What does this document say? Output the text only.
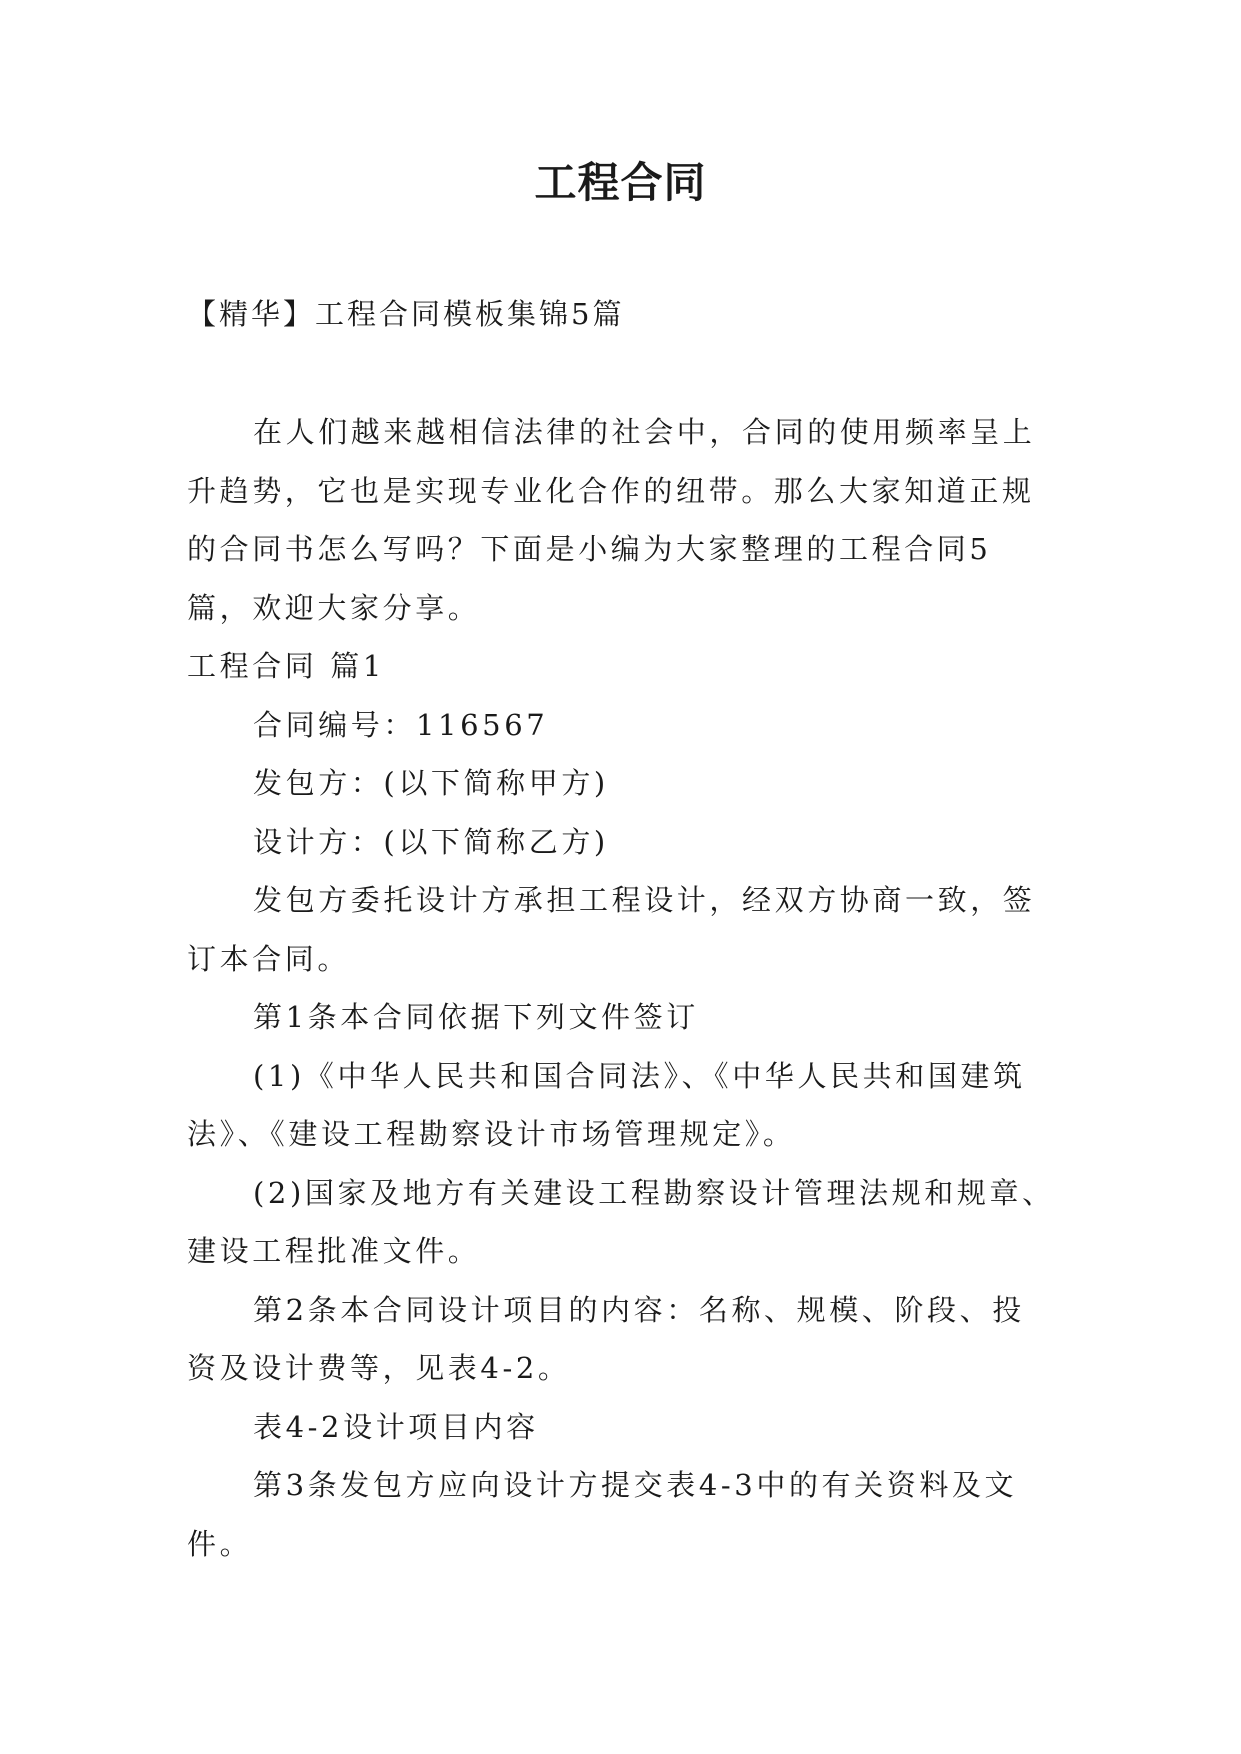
工程合同

【精华】工程合同模板集锦5篇

在人们越来越相信法律的社会中，合同的使用频率呈上升趋势，它也是实现专业化合作的纽带。那么大家知道正规的合同书怎么写吗？下面是小编为大家整理的工程合同5篇，欢迎大家分享。

工程合同 篇1

合同编号：116567

发包方：(以下简称甲方)

设计方：(以下简称乙方)

发包方委托设计方承担工程设计，经双方协商一致，签订本合同。

第1条本合同依据下列文件签订

(1)《中华人民共和国合同法》、《中华人民共和国建筑法》、《建设工程勘察设计市场管理规定》。

(2)国家及地方有关建设工程勘察设计管理法规和规章、建设工程批准文件。

第2条本合同设计项目的内容：名称、规模、阶段、投资及设计费等，见表4-2。

表4-2设计项目内容

第3条发包方应向设计方提交表4-3中的有关资料及文件。
